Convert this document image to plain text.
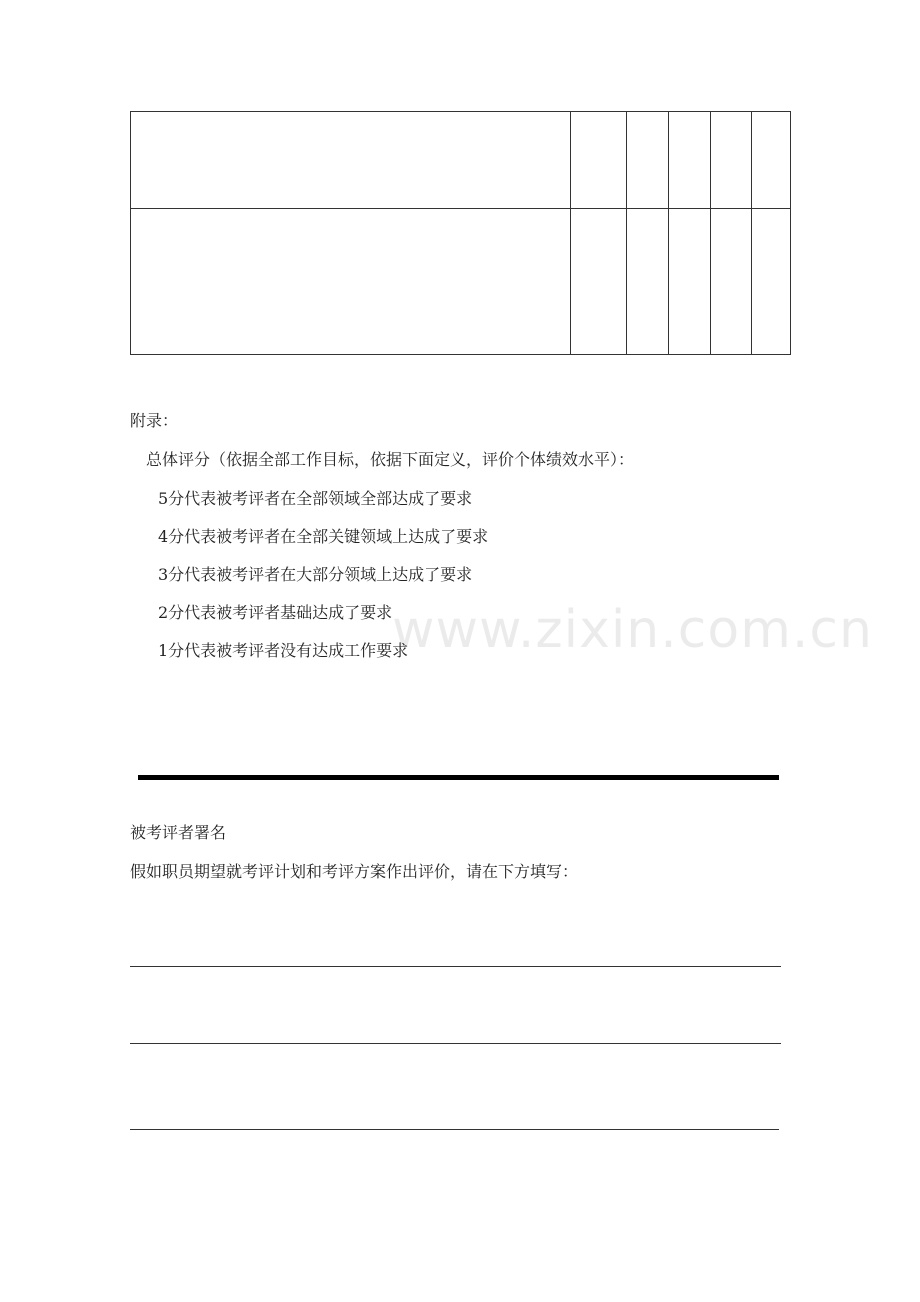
附录：
总体评分（依据全部工作目标，依据下面定义，评价个体绩效水平）：
5分代表被考评者在全部领域全部达成了要求
4分代表被考评者在全部关键领域上达成了要求
3分代表被考评者在大部分领域上达成了要求
2分代表被考评者基础达成了要求
1分代表被考评者没有达成工作要求
www.zixin.com.cn
被考评者署名
假如职员期望就考评计划和考评方案作出评价，请在下方填写：
